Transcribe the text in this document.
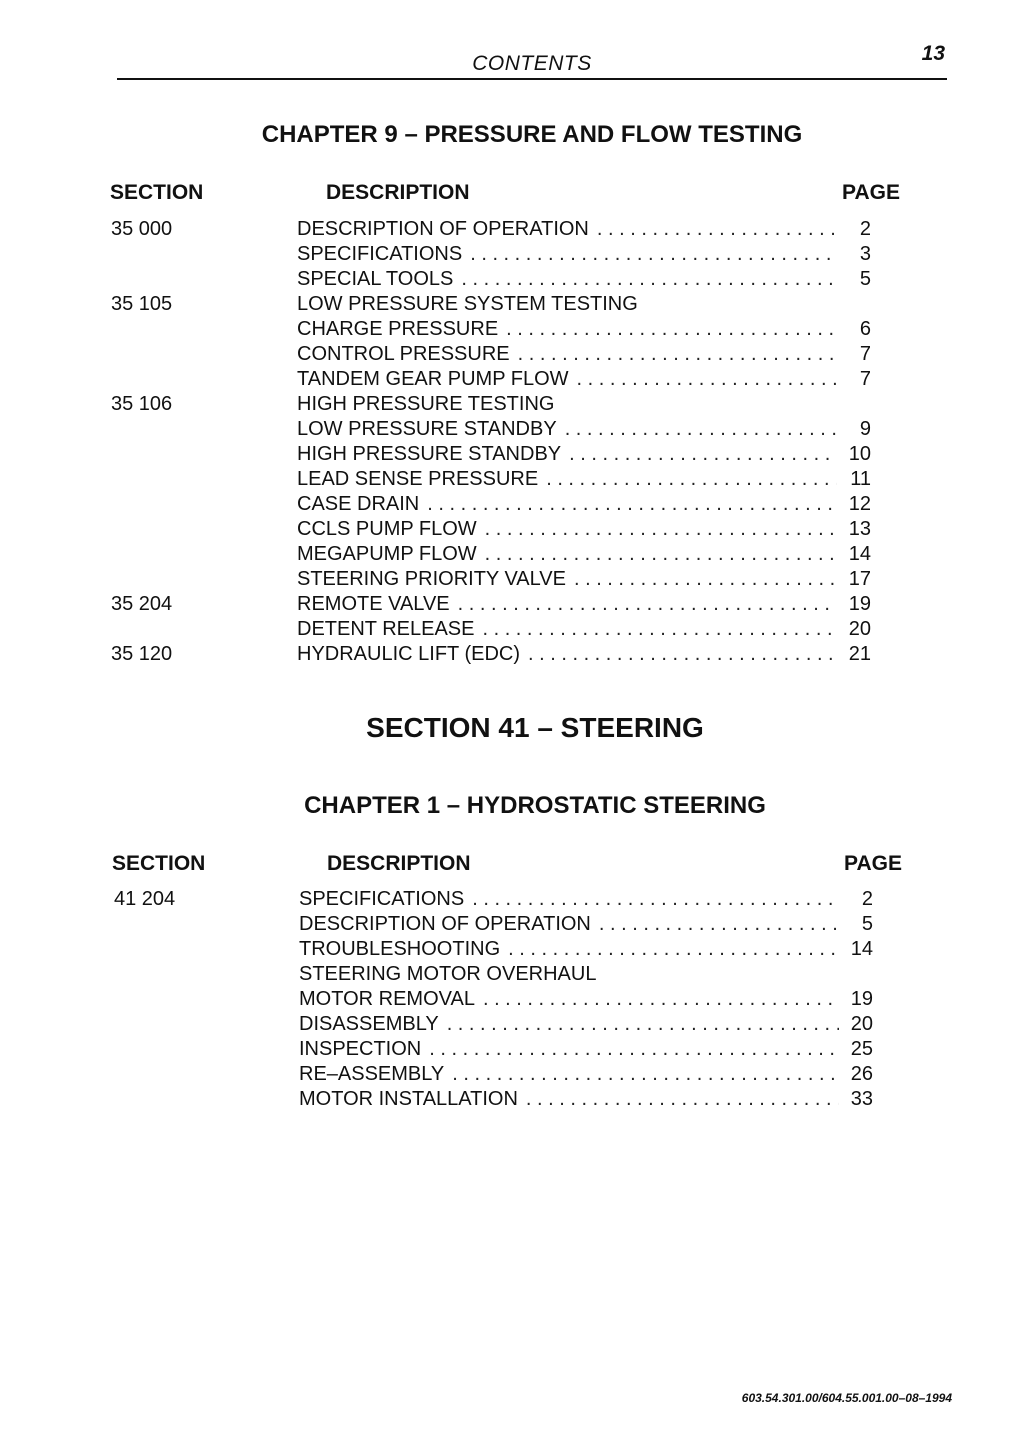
CONTENTS	13
CHAPTER 9 – PRESSURE AND FLOW TESTING
SECTION	DESCRIPTION	PAGE
35 000	DESCRIPTION OF OPERATION . . .	2
SPECIFICATIONS . . .	3
SPECIAL TOOLS . . .	5
35 105	LOW PRESSURE SYSTEM TESTING
CHARGE PRESSURE . . .	6
CONTROL PRESSURE . . .	7
TANDEM GEAR PUMP FLOW . . .	7
35 106	HIGH PRESSURE TESTING
LOW PRESSURE STANDBY . . .	9
HIGH PRESSURE STANDBY . . .	10
LEAD SENSE PRESSURE . . .	11
CASE DRAIN . . .	12
CCLS PUMP FLOW . . .	13
MEGAPUMP FLOW . . .	14
STEERING PRIORITY VALVE . . .	17
35 204	REMOTE VALVE . . .	19
DETENT RELEASE . . .	20
35 120	HYDRAULIC LIFT (EDC) . . .	21
SECTION 41 – STEERING
CHAPTER 1 – HYDROSTATIC STEERING
SECTION	DESCRIPTION	PAGE
41 204	SPECIFICATIONS . . .	2
DESCRIPTION OF OPERATION . . .	5
TROUBLESHOOTING . . .	14
STEERING MOTOR OVERHAUL
MOTOR REMOVAL . . .	19
DISASSEMBLY . . .	20
INSPECTION . . .	25
RE–ASSEMBLY . . .	26
MOTOR INSTALLATION . . .	33
603.54.301.00/604.55.001.00–08–1994
